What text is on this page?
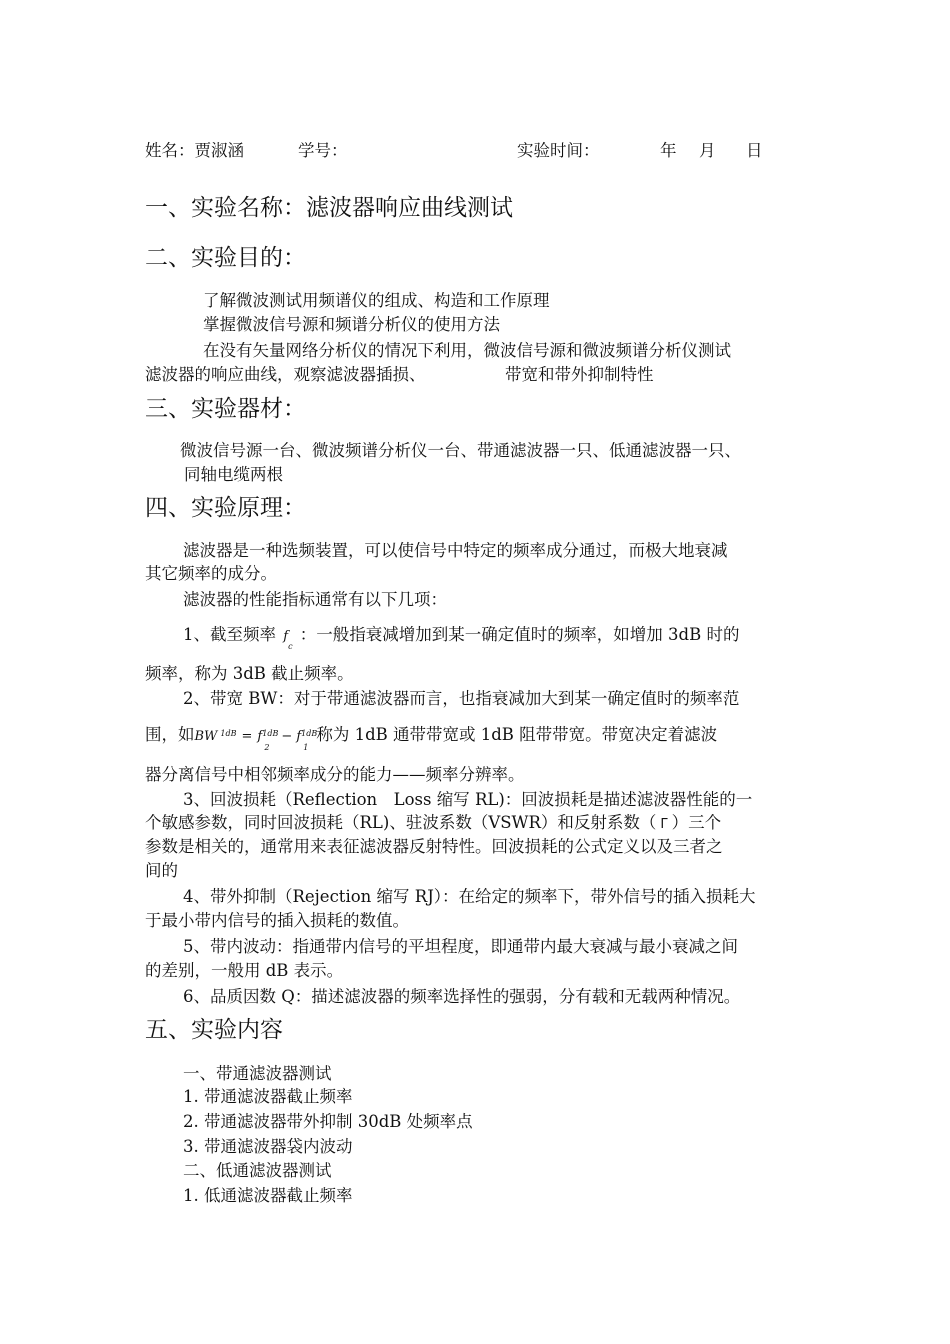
姓名：贾淑涵	学号：	实验时间：	年 月 日
一、实验名称：滤波器响应曲线测试
二、实验目的：
了解微波测试用频谱仪的组成、构造和工作原理
掌握微波信号源和频谱分析仪的使用方法
在没有矢量网络分析仪的情况下利用，微波信号源和微波频谱分析仪测试
滤波器的响应曲线，观察滤波器插损、	带宽和带外抑制特性
三、实验器材：
微波信号源一台、微波频谱分析仪一台、带通滤波器一只、低通滤波器一只、
同轴电缆两根
四、实验原理：
滤波器是一种选频装置，可以使信号中特定的频率成分通过，而极大地衰减
其它频率的成分。
滤波器的性能指标通常有以下几项：
1、截至频率 $f_c$ ：一般指衰减增加到某一确定值时的频率，如增加 3dB 时的
频率，称为 3dB 截止频率。
2、带宽 BW：对于带通滤波器而言，也指衰减加大到某一确定值时的频率范
围，如BW $^{1dB} = f^{1dB}_2- f^{1dB}_1$称为 1dB 通带带宽或 1dB 阻带带宽。带宽决定着滤波
器分离信号中相邻频率成分的能力——频率分辨率。
3、回波损耗（Reflection　Loss 缩写 RL)：回波损耗是描述滤波器性能的一
个敏感参数，同时回波损耗（RL)、驻波系数（VSWR）和反射系数（ Γ ）三个
参数是相关的，通常用来表征滤波器反射特性。回波损耗的公式定义以及三者之
间的
4、带外抑制（Rejection 缩写 RJ）：在给定的频率下，带外信号的插入损耗大
于最小带内信号的插入损耗的数值。
5、带内波动：指通带内信号的平坦程度，即通带内最大衰减与最小衰减之间
的差别，一般用 dB 表示。
6、品质因数 Q：描述滤波器的频率选择性的强弱，分有载和无载两种情况。
五、实验内容
一、带通滤波器测试
1. 带通滤波器截止频率
2. 带通滤波器带外抑制 30dB 处频率点
3. 带通滤波器袋内波动
二、低通滤波器测试
1. 低通滤波器截止频率
